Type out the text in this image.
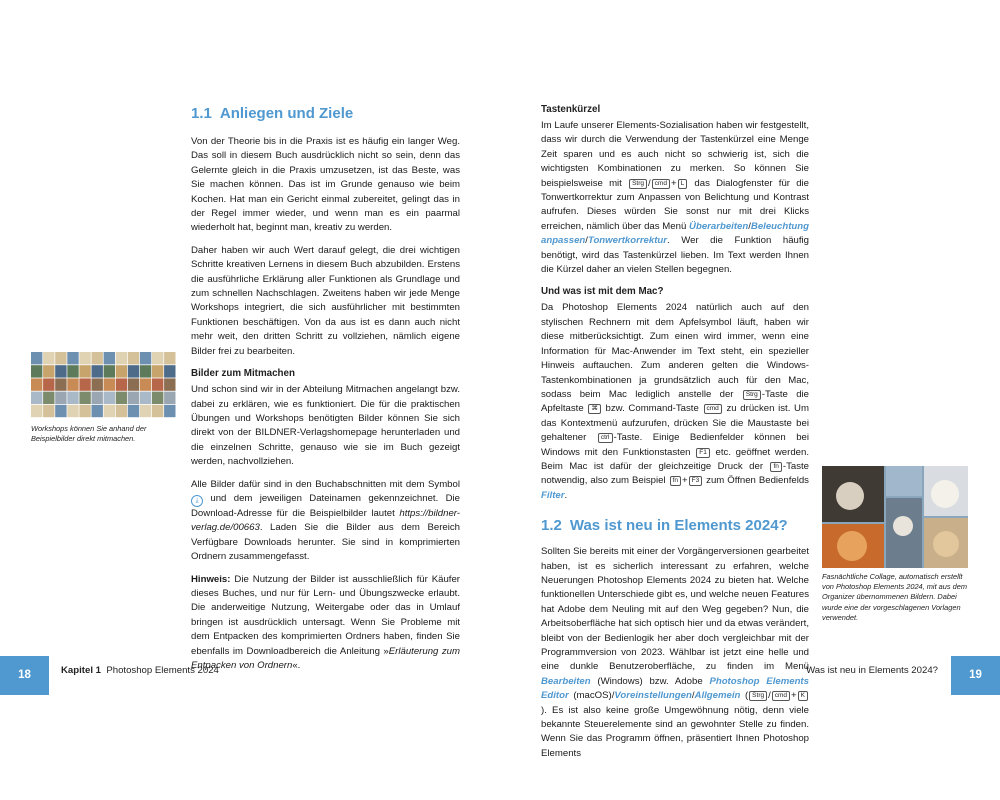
Workshops können Sie anhand der Beispielbilder direkt mitmachen.
1.1 Anliegen und Ziele

Von der Theorie bis in die Praxis ist es häufig ein langer Weg. Das soll in diesem Buch ausdrücklich nicht so sein, denn das Gelernte gleich in die Praxis umzusetzen, ist das Beste, was Sie machen können. Das ist im Grunde genauso wie beim Kochen. Hat man ein Gericht einmal zubereitet, gelingt das in der Regel immer wieder, und wenn man es ein paarmal wiederholt hat, beginnt man, kreativ zu werden.

Daher haben wir auch Wert darauf gelegt, die drei wichtigen Schritte kreativen Lernens in diesem Buch abzubilden. Erstens die ausführliche Erklärung aller Funktionen als Grundlage und zum schnellen Nachschlagen. Zweitens haben wir jede Menge Workshops integriert, die sich ausführlicher mit bestimmten Funktionen beschäftigen. Von da aus ist es dann auch nicht mehr weit, den dritten Schritt zu vollziehen, nämlich eigene Bilder frei zu bearbeiten.

Bilder zum Mitmachen

Und schon sind wir in der Abteilung Mitmachen angelangt bzw. dabei zu erklären, wie es funktioniert. Die für die praktischen Übungen und Workshops benötigten Bilder können Sie sich direkt von der BILDNER-Verlagshomepage herunterladen und die einzelnen Schritte, genauso wie sie im Buch gezeigt werden, nachvollziehen.

Alle Bilder dafür sind in den Buchabschnitten mit dem Symbol ⤓ und dem jeweiligen Dateinamen gekennzeichnet. Die Download-Adresse für die Beispielbilder lautet https://bildner-verlag.de/00663. Laden Sie die Bilder aus dem Bereich Verfügbare Downloads herunter. Sie sind in komprimierten Ordnern zusammengefasst.

Hinweis: Die Nutzung der Bilder ist ausschließlich für Käufer dieses Buches, und nur für Lern- und Übungszwecke erlaubt. Die anderweitige Nutzung, Weitergabe oder das in Umlauf bringen ist ausdrücklich untersagt. Wenn Sie Probleme mit dem Entpacken des komprimierten Ordners haben, finden Sie ebenfalls im Downloadbereich die Anleitung »Erläuterung zum Entpacken von Ordnern«.

18	Kapitel 1 Photoshop Elements 2024
Tastenkürzel

Im Laufe unserer Elements-Sozialisation haben wir festgestellt, dass wir durch die Verwendung der Tastenkürzel eine Menge Zeit sparen und es auch nicht so schwierig ist, sich die wichtigsten Kombinationen zu merken. So können Sie beispielsweise mit Strg / cmd + L das Dialogfenster für die Tonwertkorrektur zum Anpassen von Belichtung und Kontrast aufrufen. Dieses würden Sie sonst nur mit drei Klicks erreichen, nämlich über das Menü Überarbeiten/Beleuchtung anpassen/Tonwertkorrektur. Wer die Funktion häufig benötigt, wird das Tastenkürzel lieben. Im Text werden Ihnen die Kürzel daher an vielen Stellen begegnen.

Und was ist mit dem Mac?

Da Photoshop Elements 2024 natürlich auch auf den stylischen Rechnern mit dem Apfelsymbol läuft, haben wir diese mitberücksichtigt. Zum einen wird immer, wenn eine Information für Mac-Anwender im Text steht, ein spezieller Hinweis auftauchen. Zum anderen gelten die Windows-Tastenkombinationen ja grundsätzlich auch für den Mac, sodass beim Mac lediglich anstelle der Strg -Taste die Apfeltaste ⌘ bzw. Command-Taste cmd zu drücken ist. Um das Kontextmenü aufzurufen, drücken Sie die Maustaste bei gehaltener ctrl -Taste. Einige Bedienfelder können bei Windows mit den Funktionstasten F1 etc. geöffnet werden. Beim Mac ist dafür der gleichzeitige Druck der fn -Taste notwendig, also zum Beispiel fn + F3 zum Öffnen Bedienfelds Filter.

1.2 Was ist neu in Elements 2024?

Sollten Sie bereits mit einer der Vorgängerversionen gearbeitet haben, ist es sicherlich interessant zu erfahren, welche Neuerungen Photoshop Elements 2024 zu bieten hat. Welche funktionellen Unterschiede gibt es, und welche neuen Features hat Adobe dem Neuling mit auf den Weg gegeben? Nun, die Arbeitsoberfläche hat sich optisch hier und da etwas verändert, bleibt von der Bedienlogik her aber doch vergleichbar mit der Programmversion von 2023. Wählbar ist jetzt eine helle und eine dunkle Benutzeroberfläche, zu finden im Menü Bearbeiten (Windows) bzw. Adobe Photoshop Elements Editor (macOS)/Voreinstellungen/Allgemein ( Strg / cmd + K). Es ist also keine große Umgewöhnung nötig, denn viele bekannte Steuerelemente sind an gewohnter Stelle zu finden. Wenn Sie das Programm öffnen, präsentiert Ihnen Photoshop Elements

Fasnächtliche Collage, automatisch erstellt von Photoshop Elements 2024, mit aus dem Organizer übernommenen Bildern. Dabei wurde eine der vorgeschlagenen Vorlagen verwendet.
Was ist neu in Elements 2024?	19
